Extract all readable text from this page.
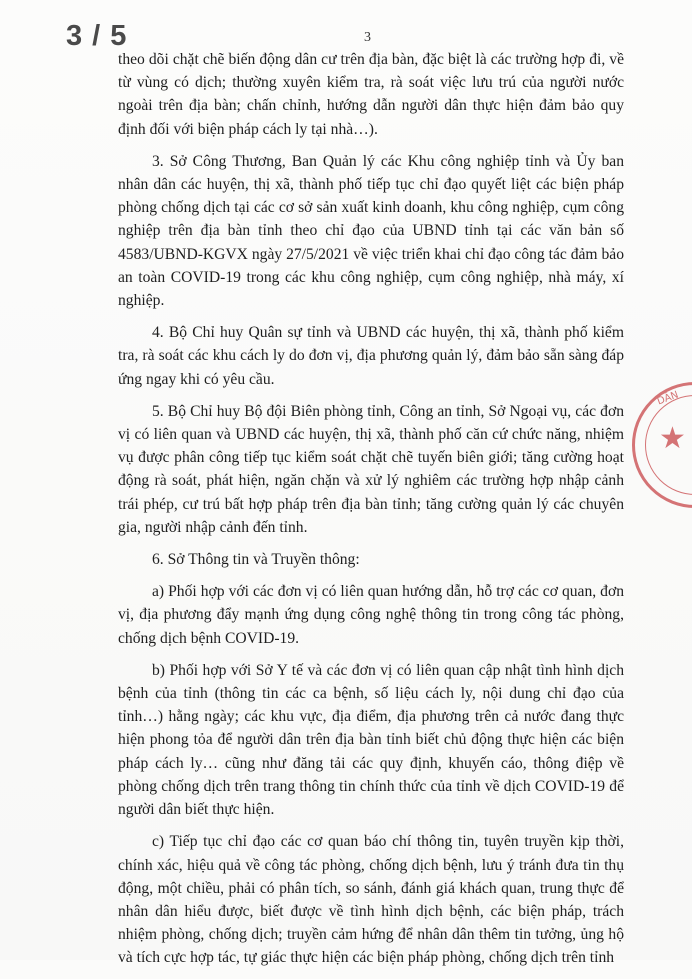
3 / 5	3

theo dõi chặt chẽ biến động dân cư trên địa bàn, đặc biệt là các trường hợp đi, về từ vùng có dịch; thường xuyên kiểm tra, rà soát việc lưu trú của người nước ngoài trên địa bàn; chấn chỉnh, hướng dẫn người dân thực hiện đảm bảo quy định đối với biện pháp cách ly tại nhà…).

3. Sở Công Thương, Ban Quản lý các Khu công nghiệp tỉnh và Ủy ban nhân dân các huyện, thị xã, thành phố tiếp tục chỉ đạo quyết liệt các biện pháp phòng chống dịch tại các cơ sở sản xuất kinh doanh, khu công nghiệp, cụm công nghiệp trên địa bàn tỉnh theo chỉ đạo của UBND tỉnh tại các văn bản số 4583/UBND-KGVX ngày 27/5/2021 về việc triển khai chỉ đạo công tác đảm bảo an toàn COVID-19 trong các khu công nghiệp, cụm công nghiệp, nhà máy, xí nghiệp.

4. Bộ Chỉ huy Quân sự tỉnh và UBND các huyện, thị xã, thành phố kiểm tra, rà soát các khu cách ly do đơn vị, địa phương quản lý, đảm bảo sẵn sàng đáp ứng ngay khi có yêu cầu.

5. Bộ Chỉ huy Bộ đội Biên phòng tỉnh, Công an tỉnh, Sở Ngoại vụ, các đơn vị có liên quan và UBND các huyện, thị xã, thành phố căn cứ chức năng, nhiệm vụ được phân công tiếp tục kiểm soát chặt chẽ tuyến biên giới; tăng cường hoạt động rà soát, phát hiện, ngăn chặn và xử lý nghiêm các trường hợp nhập cảnh trái phép, cư trú bất hợp pháp trên địa bàn tỉnh; tăng cường quản lý các chuyên gia, người nhập cảnh đến tỉnh.

6. Sở Thông tin và Truyền thông:

a) Phối hợp với các đơn vị có liên quan hướng dẫn, hỗ trợ các cơ quan, đơn vị, địa phương đẩy mạnh ứng dụng công nghệ thông tin trong công tác phòng, chống dịch bệnh COVID-19.

b) Phối hợp với Sở Y tế và các đơn vị có liên quan cập nhật tình hình dịch bệnh của tỉnh (thông tin các ca bệnh, số liệu cách ly, nội dung chỉ đạo của tỉnh…) hằng ngày; các khu vực, địa điểm, địa phương trên cả nước đang thực hiện phong tỏa để người dân trên địa bàn tỉnh biết chủ động thực hiện các biện pháp cách ly… cũng như đăng tải các quy định, khuyến cáo, thông điệp về phòng chống dịch trên trang thông tin chính thức của tỉnh về dịch COVID-19 để người dân biết thực hiện.

c) Tiếp tục chỉ đạo các cơ quan báo chí thông tin, tuyên truyền kịp thời, chính xác, hiệu quả về công tác phòng, chống dịch bệnh, lưu ý tránh đưa tin thụ động, một chiều, phải có phân tích, so sánh, đánh giá khách quan, trung thực để nhân dân hiểu được, biết được về tình hình dịch bệnh, các biện pháp, trách nhiệm phòng, chống dịch; truyền cảm hứng để nhân dân thêm tin tưởng, ủng hộ và tích cực hợp tác, tự giác thực hiện các biện pháp phòng, chống dịch trên tỉnh

DÂN
★
